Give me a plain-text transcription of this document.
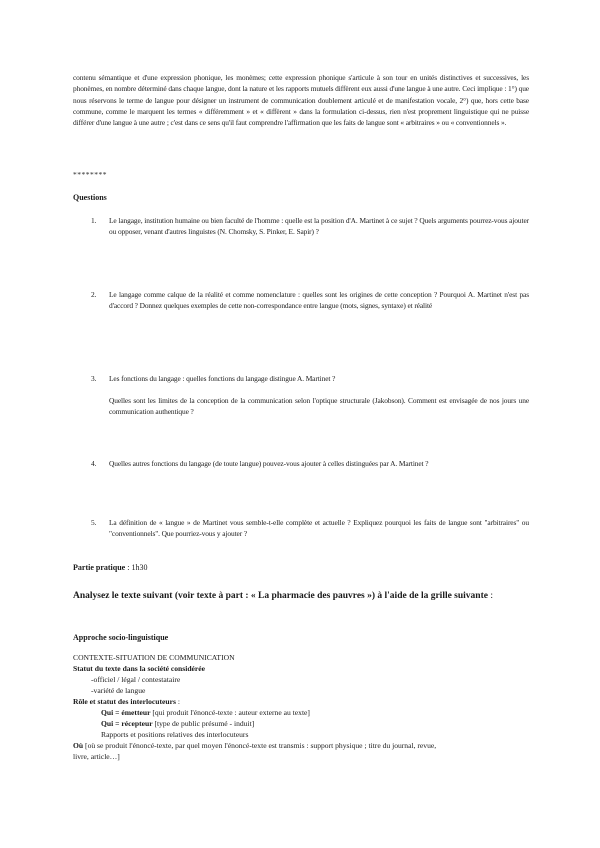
contenu sémantique et d'une expression phonique, les monèmes; cette expression phonique s'articule à son tour en unités distinctives et successives, les phonèmes, en nombre déterminé dans chaque langue, dont la nature et les rapports mutuels diffèrent eux aussi d'une langue à une autre. Ceci implique : 1°) que nous réservons le terme de langue pour désigner un instrument de communication doublement articulé et de manifestation vocale, 2°) que, hors cette base commune, comme le marquent les termes « différemment » et « diffèrent » dans la formulation ci-dessus, rien n'est proprement linguistique qui ne puisse différer d'une langue à une autre ; c'est dans ce sens qu'il faut comprendre l'affirmation que les faits de langue sont « arbitraires » ou « conventionnels ».
********
Questions
1. Le langage, institution humaine ou bien faculté de l'homme : quelle est la position d'A. Martinet à ce sujet ? Quels arguments pourrez-vous ajouter ou opposer, venant d'autres linguistes (N. Chomsky, S. Pinker, E. Sapir) ?
2. Le langage comme calque de la réalité et comme nomenclature : quelles sont les origines de cette conception ? Pourquoi A. Martinet n'est pas d'accord ? Donnez quelques exemples de cette non-correspondance entre langue (mots, signes, syntaxe) et réalité
3. Les fonctions du langage : quelles fonctions du langage distingue A. Martinet ?
Quelles sont les limites de la conception de la communication selon l'optique structurale (Jakobson). Comment est envisagée de nos jours une communication authentique ?
4. Quelles autres fonctions du langage (de toute langue) pouvez-vous ajouter à celles distinguées par A. Martinet ?
5. La définition de « langue » de Martinet vous semble-t-elle complète et actuelle ? Expliquez pourquoi les faits de langue sont "arbitraires" ou "conventionnels". Que pourriez-vous y ajouter ?
Partie pratique : 1h30
Analysez le texte suivant (voir texte à part : « La pharmacie des pauvres ») à l'aide de la grille suivante :
Approche socio-linguistique
CONTEXTE-SITUATION DE COMMUNICATION
Statut du texte dans la société considérée
-officiel / légal / contestataire
-variété de langue
Rôle et statut des interlocuteurs :
Qui = émetteur [qui produit l'énoncé-texte : auteur externe au texte]
Qui = récepteur [type de public présumé - induit]
Rapports et positions relatives des interlocuteurs
Où [où se produit l'énoncé-texte, par quel moyen l'énoncé-texte est transmis : support physique ; titre du journal, revue,
livre, article…]
